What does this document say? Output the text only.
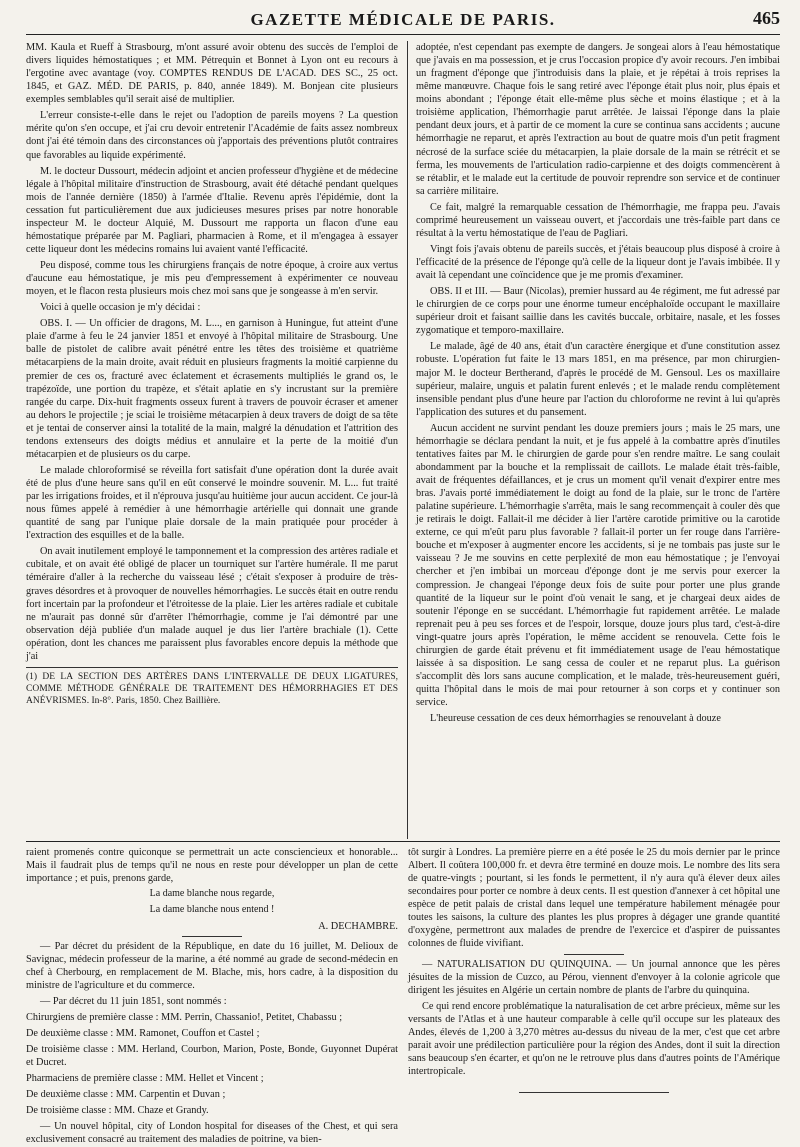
GAZETTE MÉDICALE DE PARIS.	465

MM. Kaula et Rueff à Strasbourg, m'ont assuré avoir obtenu des succès de l'emploi de divers liquides hémostatiques ; et MM. Pétrequin et Bonnet à Lyon ont eu recours à l'ergotine avec avantage (voy. COMPTES RENDUS DE L'ACAD. DES SC., 25 oct. 1845, et GAZ. MÉD. DE PARIS, p. 840, année 1849). M. Bonjean cite plusieurs exemples semblables qu'il serait aisé de multiplier.

L'erreur consiste-t-elle dans le rejet ou l'adoption de pareils moyens ? La question mérite qu'on s'en occupe, et j'ai cru devoir entretenir l'Académie de faits assez nombreux dont j'ai été témoin dans des circonstances où j'apportais des préventions plutôt contraires que favorables au liquide expérimenté.

M. le docteur Dussourt, médecin adjoint et ancien professeur d'hygiène et de médecine légale à l'hôpital militaire d'instruction de Strasbourg, avait été détaché pendant quelques mois de l'année dernière (1850) à l'armée d'Italie. Revenu après l'épidémie, dont la cessation fut particulièrement due aux judicieuses mesures prises par notre honorable inspecteur M. le docteur Alquié, M. Dussourt me rapporta un flacon d'une eau hémostatique préparée par M. Pagliari, pharmacien à Rome, et il m'engagea à essayer cette liqueur dont les médecins romains lui avaient vanté l'efficacité.

Peu disposé, comme tous les chirurgiens français de notre époque, à croire aux vertus d'aucune eau hémostatique, je mis peu d'empressement à expérimenter ce nouveau moyen, et le flacon resta plusieurs mois chez moi sans que je songeasse à m'en servir.

Voici à quelle occasion je m'y décidai :

OBS. I. — Un officier de dragons, M. L..., en garnison à Huningue, fut atteint d'une plaie d'arme à feu le 24 janvier 1851 et envoyé à l'hôpital militaire de Strasbourg. Une balle de pistolet de calibre avait pénétré entre les têtes des troisième et quatrième métacarpiens de la main droite, avait réduit en plusieurs fragments la moitié carpienne du premier de ces os, fracturé avec éclatement et écrasements multipliés le grand os, le trapézoïde, une portion du trapèze, et s'était aplatie en s'y incrustant sur la première rangée du carpe. Dix-huit fragments osseux furent à travers de pouvoir écraser et amener au dehors le projectile ; je sciai le troisième métacarpien à deux travers de doigt de sa tête et je tentai de conserver ainsi la totalité de la main, malgré la dénudation et l'attrition des tendons extenseurs des doigts médius et annulaire et la perte de la moitié d'un métacarpien et de plusieurs os du carpe.

Le malade chloroformisé se réveilla fort satisfait d'une opération dont la durée avait été de plus d'une heure sans qu'il en eût conservé le moindre souvenir. M. L... fut traité par les irrigations froides, et il n'éprouva jusqu'au huitième jour aucun accident. Ce jour-là nous fûmes appelé à remédier à une hémorrhagie artérielle qui donnait une grande quantité de sang par l'unique plaie dorsale de la main pratiquée pour procéder à l'extraction des esquilles et de la balle.

On avait inutilement employé le tamponnement et la compression des artères radiale et cubitale, et on avait été obligé de placer un tourniquet sur l'artère humérale. Il me parut téméraire d'aller à la recherche du vaisseau lésé ; c'était s'exposer à produire de très-graves désordres et à provoquer de nouvelles hémorrhagies. Le succès était en outre rendu fort incertain par la profondeur et l'étroitesse de la plaie. Lier les artères radiale et cubitale ne m'aurait pas donné sûr d'arrêter l'hémorrhagie, comme je l'ai démontré par une observation déjà publiée d'un malade auquel je dus lier l'artère brachiale (1). Cette opération, dont les chances me paraissent plus favorables encore depuis la méthode que j'ai

(1) DE LA SECTION DES ARTÈRES DANS L'INTERVALLE DE DEUX LIGATURES, COMME MÉTHODE GÉNÉRALE DE TRAITEMENT DES HÉMORRHAGIES ET DES ANÉVRISMES. In-8°. Paris, 1850. Chez Baillière.

adoptée, n'est cependant pas exempte de dangers. Je songeai alors à l'eau hémostatique que j'avais en ma possession, et je crus l'occasion propice d'y avoir recours. J'en imbibai un fragment d'éponge que j'introduisis dans la plaie, et je répétai à trois reprises la même manœuvre. Chaque fois le sang retiré avec l'éponge était plus noir, plus épais et moins abondant ; l'éponge était elle-même plus sèche et moins élastique ; et à la troisième application, l'hémorrhagie parut arrêtée. Je laissai l'éponge dans la plaie pendant deux jours, et à partir de ce moment la cure se continua sans accidents ; aucune hémorrhagie ne reparut, et après l'extraction au bout de quatre mois d'un petit fragment nécrosé de la surface sciée du métacarpien, la plaie dorsale de la main se rétrécit et se ferma, les mouvements de l'articulation radio-carpienne et des doigts commencèrent à se rétablir, et le malade eut la certitude de pouvoir reprendre son service et de continuer sa carrière militaire.

Ce fait, malgré la remarquable cessation de l'hémorrhagie, me frappa peu. J'avais comprimé heureusement un vaisseau ouvert, et j'accordais une très-faible part dans ce résultat à la vertu hémostatique de l'eau de Pagliari.

Vingt fois j'avais obtenu de pareils succès, et j'étais beaucoup plus disposé à croire à l'efficacité de la présence de l'éponge qu'à celle de la liqueur dont je l'avais imbibée. Il y avait là cependant une coïncidence que je me promis d'examiner.

OBS. II et III. — Baur (Nicolas), premier hussard au 4e régiment, me fut adressé par le chirurgien de ce corps pour une énorme tumeur encéphaloïde occupant le maxillaire supérieur droit et faisant saillie dans les cavités buccale, orbitaire, nasale, et les fosses zygomatique et temporo-maxillaire.

Le malade, âgé de 40 ans, était d'un caractère énergique et d'une constitution assez robuste. L'opération fut faite le 13 mars 1851, en ma présence, par mon chirurgien-major M. le docteur Bertherand, d'après le procédé de M. Gensoul. Les os maxillaire supérieur, malaire, unguis et palatin furent enlevés ; et le malade rendu complètement insensible pendant plus d'une heure par l'action du chloroforme ne revint à lui qu'après l'application des sutures et du pansement.

Aucun accident ne survint pendant les douze premiers jours ; mais le 25 mars, une hémorrhagie se déclara pendant la nuit, et je fus appelé à la combattre après d'inutiles tentatives faites par M. le chirurgien de garde pour s'en rendre maître. Le sang coulait abondamment par la bouche et la remplissait de caillots. Le malade était très-faible, avait de fréquentes défaillances, et je crus un moment qu'il venait d'expirer entre mes bras. J'avais porté immédiatement le doigt au fond de la plaie, sur le tronc de l'artère palatine supérieure. L'hémorrhagie s'arrêta, mais le sang recommençait à couler dès que je retirais le doigt. Fallait-il me décider à lier l'artère carotide primitive ou la carotide externe, ce qui m'eût paru plus favorable ? fallait-il porter un fer rouge dans l'arrière-bouche et m'exposer à augmenter encore les accidents, si je ne tombais pas juste sur le vaisseau ? Je me souvins en cette perplexité de mon eau hémostatique ; je l'envoyai chercher et j'en imbibai un morceau d'éponge dont je me servis pour exercer la compression. Je changeai l'éponge deux fois de suite pour porter une plus grande quantité de la liqueur sur le point d'où venait le sang, et je chargeai deux aides de soutenir l'éponge en se succédant. L'hémorrhagie fut rapidement arrêtée. Le malade reprenait peu à peu ses forces et de l'espoir, lorsque, douze jours plus tard, c'est-à-dire vingt-quatre jours après l'opération, le même accident se renouvela. Cette fois le chirurgien de garde était prévenu et fit immédiatement usage de l'eau hémostatique laissée à sa disposition. Le sang cessa de couler et ne reparut plus. La guérison s'accomplit dès lors sans aucune complication, et le malade, très-heureusement guéri, quitta l'hôpital dans le mois de mai pour retourner à son corps et y continuer son service.

L'heureuse cessation de ces deux hémorrhagies se renouvelant à douze

raient promenés contre quiconque se permettrait un acte consciencieux et honorable... Mais il faudrait plus de temps qu'il ne nous en reste pour développer un plan de cette importance ; et puis, prenons garde,

La dame blanche nous regarde,

La dame blanche nous entend !

A. DECHAMBRE.

— Par décret du président de la République, en date du 16 juillet, M. Delioux de Savignac, médecin professeur de la marine, a été nommé au grade de second-médecin en chef à Cherbourg, en remplacement de M. Blache, mis, hors cadre, à la disposition du ministre de l'agriculture et du commerce.

— Par décret du 11 juin 1851, sont nommés :

Chirurgiens de première classe : MM. Perrin, Chassanio!, Petitet, Chabassu ;

De deuxième classe : MM. Ramonet, Couffon et Castel ;

De troisième classe : MM. Herland, Courbon, Marion, Poste, Bonde, Guyonnet Dupérat et Ducret.

Pharmaciens de première classe : MM. Hellet et Vincent ;

De deuxième classe : MM. Carpentin et Duvan ;

De troisième classe : MM. Chaze et Grandy.

— Un nouvel hôpital, city of London hospital for diseases of the Chest, et qui sera exclusivement consacré au traitement des maladies de poitrine, va bien-

tôt surgir à Londres. La première pierre en a été posée le 25 du mois dernier par le prince Albert. Il coûtera 100,000 fr. et devra être terminé en douze mois. Le nombre des lits sera de quatre-vingts ; pourtant, si les fonds le permettent, il n'y aura qu'à élever deux ailes secondaires pour porter ce nombre à deux cents. Il est question d'annexer à cet hôpital une espèce de petit palais de cristal dans lequel une température habilement ménagée pour toutes les saisons, la culture des plantes les plus propres à dégager une grande quantité d'oxygène, permettront aux malades de prendre de l'exercice et d'aspirer de puissantes colonnes de fluide vivifiant.

— NATURALISATION DU QUINQUINA. — Un journal annonce que les pères jésuites de la mission de Cuzco, au Pérou, viennent d'envoyer à la colonie agricole que dirigent les jésuites en Algérie un certain nombre de plants de l'arbre du quinquina.

Ce qui rend encore problématique la naturalisation de cet arbre précieux, même sur les versants de l'Atlas et à une hauteur comparable à celle qu'il occupe sur les plateaux des Andes, élevés de 1,200 à 3,270 mètres au-dessus du niveau de la mer, c'est que cet arbre parait avoir une prédilection particulière pour la région des Andes, dont il suit la direction sans beaucoup s'en écarter, et qu'on ne le retrouve plus dans d'autres points de l'Amérique intertropicale.
